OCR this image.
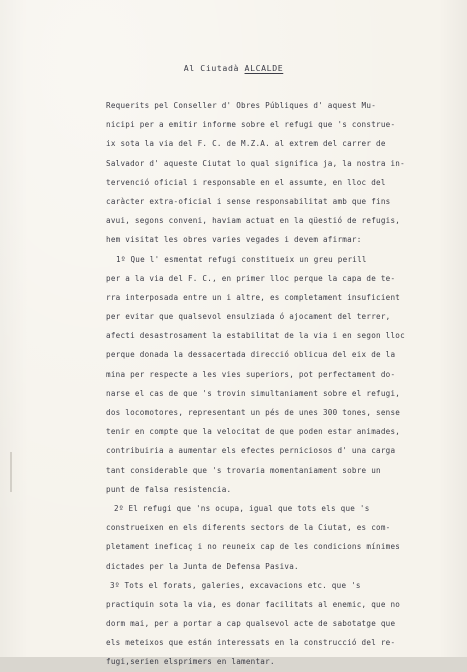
Al Ciutadà ALCALDE
Requerits pel Conseller d' Obres Públiques d' aquest Mu-
nicipi per a emitir informe sobre el refugi que 's construe-
ix sota la via del F. C. de M.Z.A. al extrem del carrer de
Salvador d' aqueste Ciutat lo qual significa ja, la nostra in-
tervenció oficial i responsable en el assumte, en lloc del
caràcter extra-oficial i sense responsabilitat amb que fins
avui, segons conveni, haviam actuat en la qüestió de refugis,
hem visitat les obres varies vegades i devem afirmar:
1º Que l' esmentat refugi constitueix un greu perill
per a la via del F. C., en primer lloc perque la capa de te-
rra interposada entre un i altre, es completament insuficient
per evitar que qualsevol ensulziada ó ajocament del terrer,
afecti desastrosament la estabilitat de la via i en segon lloc
perque donada la dessacertada direcció oblicua del eix de la
mina per respecte a les vies superiors, pot perfectament do-
narse el cas de que 's trovin simultaniament sobre el refugi,
dos locomotores, representant un pés de unes 300 tones, sense
tenir en compte que la velocitat de que poden estar animades,
contribuiria a aumentar els efectes perniciosos d' una carga
tant considerable que 's trovaria momentaniament sobre un
punt de falsa resistencia.
2º El refugi que 'ns ocupa, igual que tots els que 's
construeixen en els diferents sectors de la Ciutat, es com-
pletament ineficaç i no reuneix cap de les condicions mínimes
dictades per la Junta de Defensa Pasiva.
3º Tots el forats, galeries, excavacions etc. que 's
practiquin sota la via, es donar facilitats al enemic, que no
dorm mai, per a portar a cap qualsevol acte de sabotatge que
els meteixos que están interessats en la construcció del re-
fugi,serien elsprimers en lamentar.
